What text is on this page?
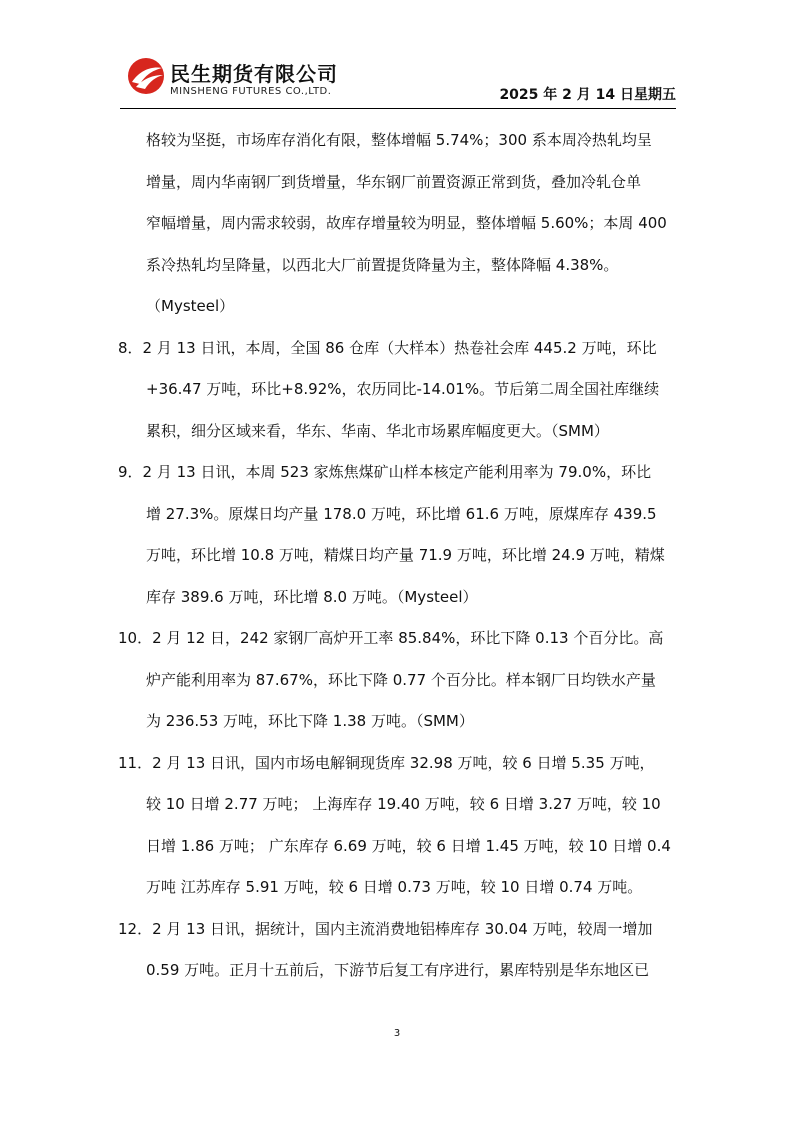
民生期货有限公司
MINSHENG FUTURES CO.,LTD.	2025 年 2 月 14 日星期五

格较为坚挺，市场库存消化有限，整体增幅 5.74%；300 系本周冷热轧均呈
增量，周内华南钢厂到货增量，华东钢厂前置资源正常到货，叠加冷轧仓单
窄幅增量，周内需求较弱，故库存增量较为明显，整体增幅 5.60%；本周 400
系冷热轧均呈降量，以西北大厂前置提货降量为主，整体降幅 4.38%。
（Mysteel）

8．2 月 13 日讯，本周，全国 86 仓库（大样本）热卷社会库 445.2 万吨，环比
+36.47 万吨，环比+8.92%，农历同比-14.01%。节后第二周全国社库继续
累积，细分区域来看，华东、华南、华北市场累库幅度更大。（SMM）

9．2 月 13 日讯，本周 523 家炼焦煤矿山样本核定产能利用率为 79.0%，环比
增 27.3%。原煤日均产量 178.0 万吨，环比增 61.6 万吨，原煤库存 439.5
万吨，环比增 10.8 万吨，精煤日均产量 71.9 万吨，环比增 24.9 万吨，精煤
库存 389.6 万吨，环比增 8.0 万吨。（Mysteel）

10．2 月 12 日，242 家钢厂高炉开工率 85.84%，环比下降 0.13 个百分比。高
炉产能利用率为 87.67%，环比下降 0.77 个百分比。样本钢厂日均铁水产量
为 236.53 万吨，环比下降 1.38 万吨。（SMM）

11．2 月 13 日讯，国内市场电解铜现货库 32.98 万吨，较 6 日增 5.35 万吨，
较 10 日增 2.77 万吨； 上海库存 19.40 万吨，较 6 日增 3.27 万吨，较 10
日增 1.86 万吨； 广东库存 6.69 万吨，较 6 日增 1.45 万吨，较 10 日增 0.4
万吨 江苏库存 5.91 万吨，较 6 日增 0.73 万吨，较 10 日增 0.74 万吨。

12．2 月 13 日讯，据统计，国内主流消费地铝棒库存 30.04 万吨，较周一增加
0.59 万吨。正月十五前后，下游节后复工有序进行，累库特别是华东地区已

3
